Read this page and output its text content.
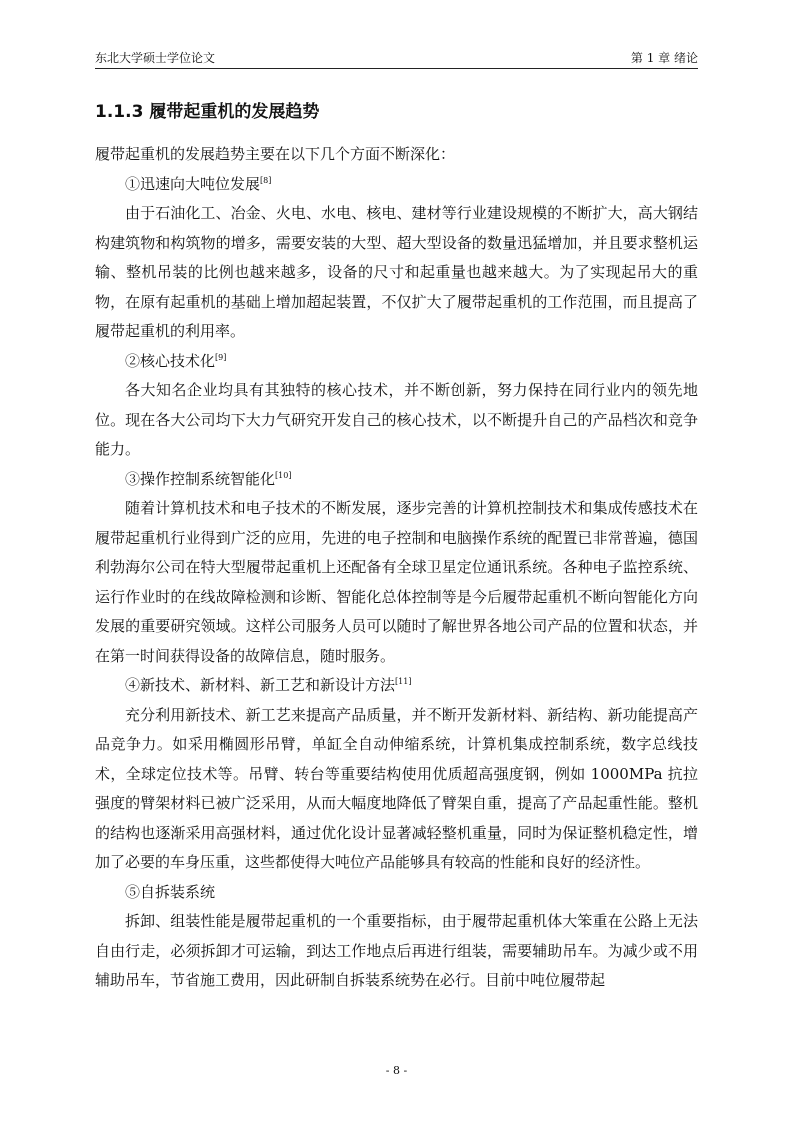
东北大学硕士学位论文	第 1 章 绪论
1.1.3 履带起重机的发展趋势

履带起重机的发展趋势主要在以下几个方面不断深化：

①迅速向大吨位发展[8]

由于石油化工、冶金、火电、水电、核电、建材等行业建设规模的不断扩大，高大钢结构建筑物和构筑物的增多，需要安装的大型、超大型设备的数量迅猛增加，并且要求整机运输、整机吊装的比例也越来越多，设备的尺寸和起重量也越来越大。为了实现起吊大的重物，在原有起重机的基础上增加超起装置，不仅扩大了履带起重机的工作范围，而且提高了履带起重机的利用率。

②核心技术化[9]

各大知名企业均具有其独特的核心技术，并不断创新，努力保持在同行业内的领先地位。现在各大公司均下大力气研究开发自己的核心技术，以不断提升自己的产品档次和竞争能力。

③操作控制系统智能化[10]

随着计算机技术和电子技术的不断发展，逐步完善的计算机控制技术和集成传感技术在履带起重机行业得到广泛的应用，先进的电子控制和电脑操作系统的配置已非常普遍，德国利勃海尔公司在特大型履带起重机上还配备有全球卫星定位通讯系统。各种电子监控系统、运行作业时的在线故障检测和诊断、智能化总体控制等是今后履带起重机不断向智能化方向发展的重要研究领域。这样公司服务人员可以随时了解世界各地公司产品的位置和状态，并在第一时间获得设备的故障信息，随时服务。

④新技术、新材料、新工艺和新设计方法[11]

充分利用新技术、新工艺来提高产品质量，并不断开发新材料、新结构、新功能提高产品竞争力。如采用椭圆形吊臂，单缸全自动伸缩系统，计算机集成控制系统，数字总线技术，全球定位技术等。吊臂、转台等重要结构使用优质超高强度钢，例如 1000MPa 抗拉强度的臂架材料已被广泛采用，从而大幅度地降低了臂架自重，提高了产品起重性能。整机的结构也逐渐采用高强材料，通过优化设计显著减轻整机重量，同时为保证整机稳定性，增加了必要的车身压重，这些都使得大吨位产品能够具有较高的性能和良好的经济性。

⑤自拆装系统

拆卸、组装性能是履带起重机的一个重要指标，由于履带起重机体大笨重在公路上无法自由行走，必须拆卸才可运输，到达工作地点后再进行组装，需要辅助吊车。为减少或不用辅助吊车，节省施工费用，因此研制自拆装系统势在必行。目前中吨位履带起

- 8 -
